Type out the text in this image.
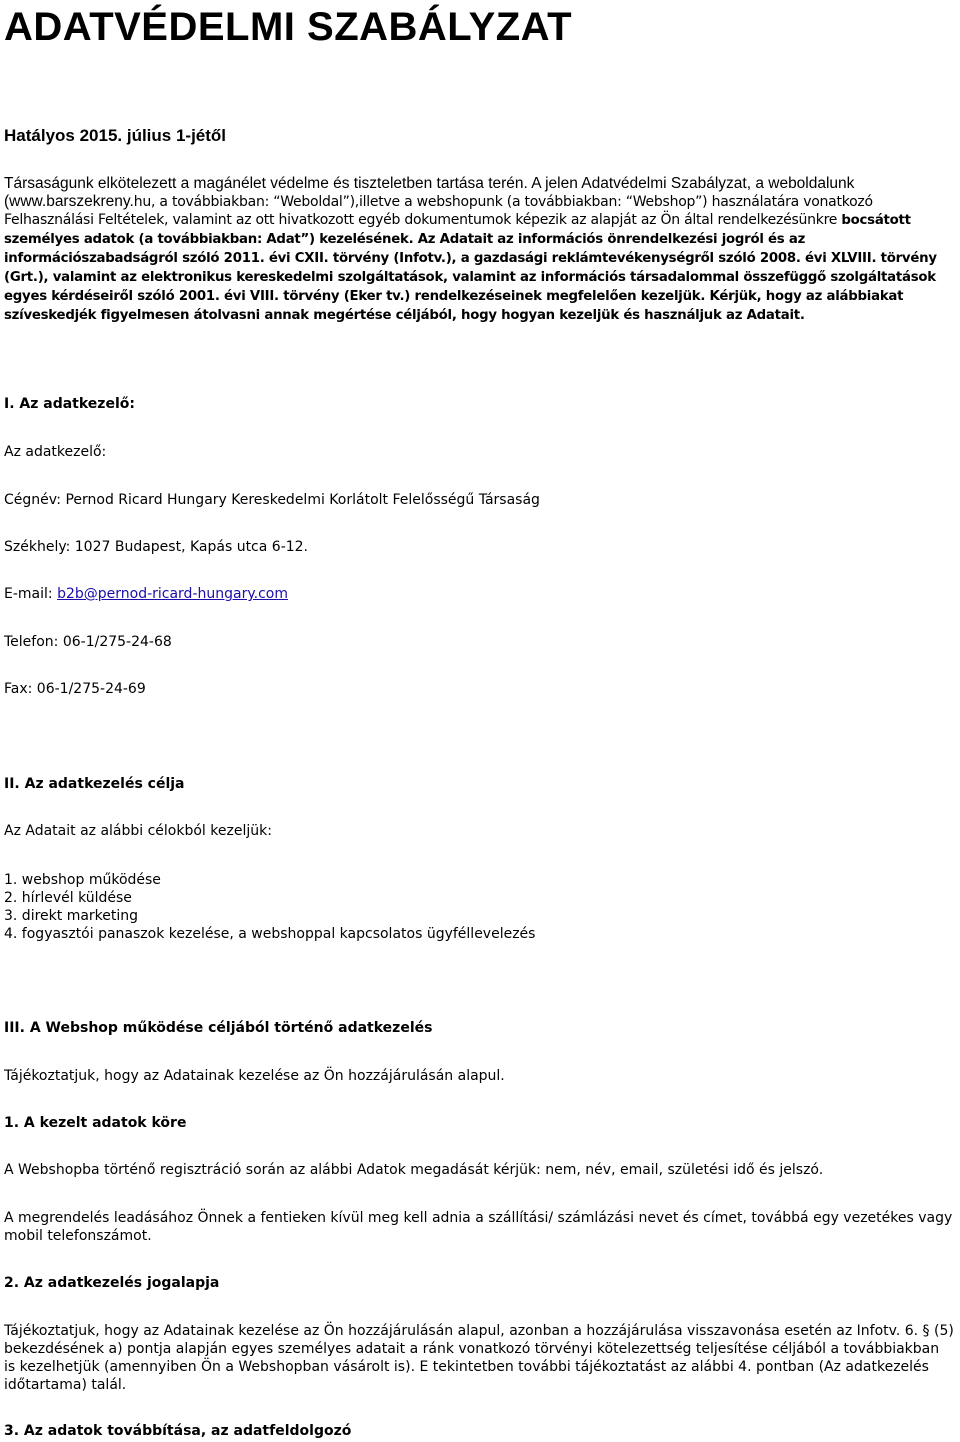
ADATVÉDELMI SZABÁLYZAT
Hatályos 2015. július 1-jétől

Társaságunk elkötelezett a magánélet védelme és tiszteletben tartása terén. A jelen Adatvédelmi Szabályzat, a weboldalunk
(www.barszekreny.hu, a továbbiakban: “Weboldal”),illetve a webshopunk (a továbbiakban: “Webshop”) használatára vonatkozó
Felhasználási Feltételek, valamint az ott hivatkozott egyéb dokumentumok képezik az alapját az Ön által rendelkezésünkre bocsátott személyes adatok (a továbbiakban: Adat”) kezelésének. Az Adatait az információs önrendelkezési jogról és az információszabadságról szóló 2011. évi CXII. törvény (Infotv.), a gazdasági reklámtevékenységről szóló 2008. évi XLVIII. törvény (Grt.), valamint az elektronikus kereskedelmi szolgáltatások, valamint az információs társadalommal összefüggő szolgáltatások egyes kérdéseiről szóló 2001. évi VIII. törvény (Eker tv.) rendelkezéseinek megfelelően kezeljük. Kérjük, hogy az alábbiakat szíveskedjék figyelmesen átolvasni annak megértése céljából, hogy hogyan kezeljük és használjuk az Adatait.

I. Az adatkezelő:

Az adatkezelő:

Cégnév: Pernod Ricard Hungary Kereskedelmi Korlátolt Felelősségű Társaság

Székhely: 1027 Budapest, Kapás utca 6-12.

E-mail: b2b@pernod-ricard-hungary.com

Telefon: 06-1/275-24-68

Fax: 06-1/275-24-69

II. Az adatkezelés célja

Az Adatait az alábbi célokból kezeljük:

1. webshop működése
2. hírlevél küldése
3. direkt marketing
4. fogyasztói panaszok kezelése, a webshoppal kapcsolatos ügyféllevelezés

III. A Webshop működése céljából történő adatkezelés

Tájékoztatjuk, hogy az Adatainak kezelése az Ön hozzájárulásán alapul.

1. A kezelt adatok köre

A Webshopba történő regisztráció során az alábbi Adatok megadását kérjük: nem, név, email, születési idő és jelszó.

A megrendelés leadásához Önnek a fentieken kívül meg kell adnia a szállítási/ számlázási nevet és címet, továbbá egy vezetékes vagy mobil telefonszámot.

2. Az adatkezelés jogalapja

Tájékoztatjuk, hogy az Adatainak kezelése az Ön hozzájárulásán alapul, azonban a hozzájárulása visszavonása esetén az Infotv. 6. § (5) bekezdésének a) pontja alapján egyes személyes adatait a ránk vonatkozó törvényi kötelezettség teljesítése céljából a továbbiakban is kezelhetjük (amennyiben Ön a Webshopban vásárolt is). E tekintetben további tájékoztatást az alábbi 4. pontban (Az adatkezelés időtartama) talál.

3. Az adatok továbbítása, az adatfeldolgozó
